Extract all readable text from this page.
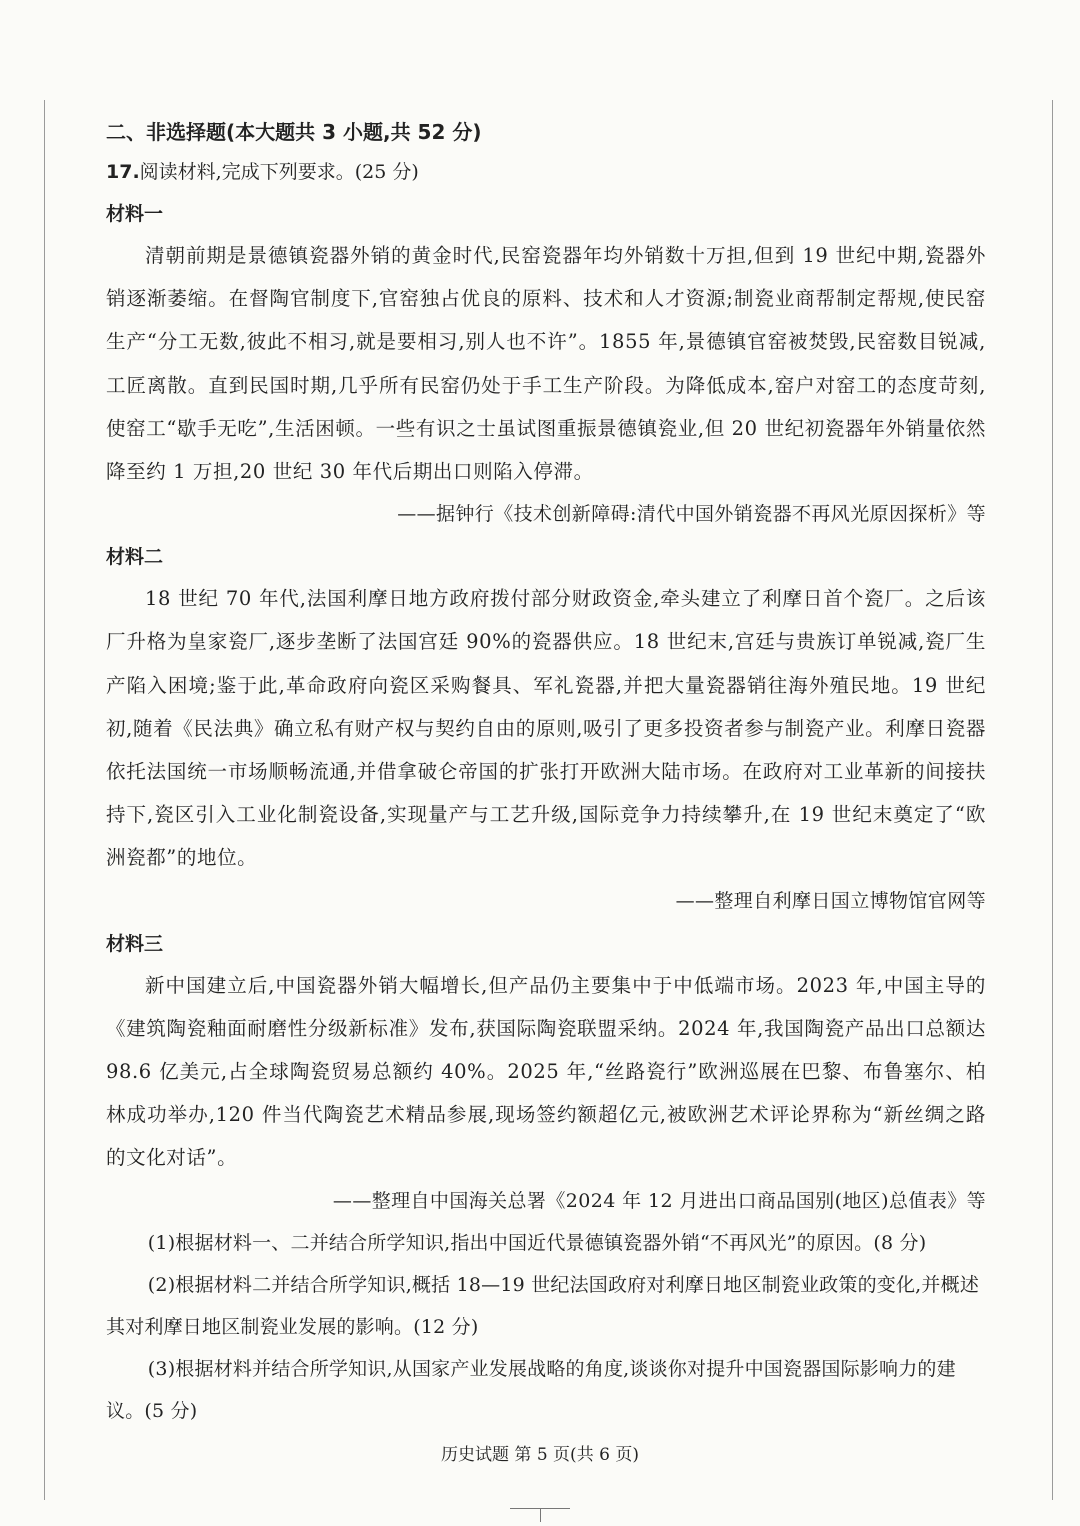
二、非选择题(本大题共 3 小题,共 52 分)
17.阅读材料,完成下列要求。(25 分)
材料一

清朝前期是景德镇瓷器外销的黄金时代,民窑瓷器年均外销数十万担,但到 19 世纪中期,瓷器外销逐渐萎缩。在督陶官制度下,官窑独占优良的原料、技术和人才资源;制瓷业商帮制定帮规,使民窑生产“分工无数,彼此不相习,就是要相习,别人也不许”。1855 年,景德镇官窑被焚毁,民窑数目锐减,工匠离散。直到民国时期,几乎所有民窑仍处于手工生产阶段。为降低成本,窑户对窑工的态度苛刻,使窑工“歇手无吃”,生活困顿。一些有识之士虽试图重振景德镇瓷业,但 20 世纪初瓷器年外销量依然降至约 1 万担,20 世纪 30 年代后期出口则陷入停滞。

——据钟行《技术创新障碍:清代中国外销瓷器不再风光原因探析》等

材料二

18 世纪 70 年代,法国利摩日地方政府拨付部分财政资金,牵头建立了利摩日首个瓷厂。之后该厂升格为皇家瓷厂,逐步垄断了法国宫廷 90%的瓷器供应。18 世纪末,宫廷与贵族订单锐减,瓷厂生产陷入困境;鉴于此,革命政府向瓷区采购餐具、军礼瓷器,并把大量瓷器销往海外殖民地。19 世纪初,随着《民法典》确立私有财产权与契约自由的原则,吸引了更多投资者参与制瓷产业。利摩日瓷器依托法国统一市场顺畅流通,并借拿破仑帝国的扩张打开欧洲大陆市场。在政府对工业革新的间接扶持下,瓷区引入工业化制瓷设备,实现量产与工艺升级,国际竞争力持续攀升,在 19 世纪末奠定了“欧洲瓷都”的地位。

——整理自利摩日国立博物馆官网等

材料三

新中国建立后,中国瓷器外销大幅增长,但产品仍主要集中于中低端市场。2023 年,中国主导的《建筑陶瓷釉面耐磨性分级新标准》发布,获国际陶瓷联盟采纳。2024 年,我国陶瓷产品出口总额达 98.6 亿美元,占全球陶瓷贸易总额约 40%。2025 年,“丝路瓷行”欧洲巡展在巴黎、布鲁塞尔、柏林成功举办,120 件当代陶瓷艺术精品参展,现场签约额超亿元,被欧洲艺术评论界称为“新丝绸之路的文化对话”。

——整理自中国海关总署《2024 年 12 月进出口商品国别(地区)总值表》等

(1)根据材料一、二并结合所学知识,指出中国近代景德镇瓷器外销“不再风光”的原因。(8 分)

(2)根据材料二并结合所学知识,概括 18—19 世纪法国政府对利摩日地区制瓷业政策的变化,并概述其对利摩日地区制瓷业发展的影响。(12 分)

(3)根据材料并结合所学知识,从国家产业发展战略的角度,谈谈你对提升中国瓷器国际影响力的建议。(5 分)

历史试题 第 5 页(共 6 页)
